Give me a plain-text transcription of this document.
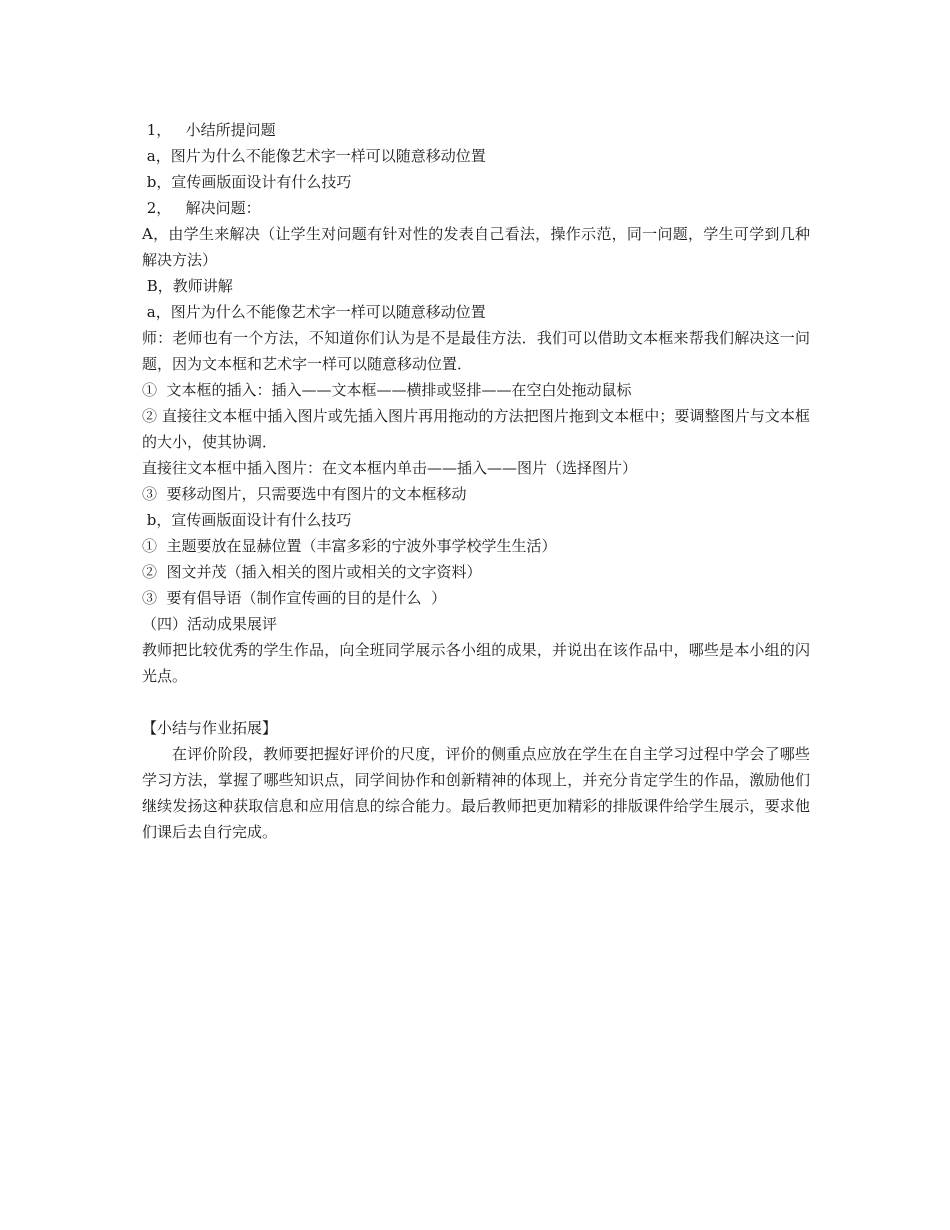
1，   小结所提问题

a，图片为什么不能像艺术字一样可以随意移动位置

b，宣传画版面设计有什么技巧

2，   解决问题：

A，由学生来解决（让学生对问题有针对性的发表自己看法，操作示范，同一问题，学生可学到几种解决方法）

B，教师讲解

a，图片为什么不能像艺术字一样可以随意移动位置

师：老师也有一个方法，不知道你们认为是不是最佳方法．我们可以借助文本框来帮我们解决这一问题，因为文本框和艺术字一样可以随意移动位置．

①  文本框的插入：插入——文本框——横排或竖排——在空白处拖动鼠标

② 直接往文本框中插入图片或先插入图片再用拖动的方法把图片拖到文本框中；要调整图片与文本框的大小，使其协调．

直接往文本框中插入图片：在文本框内单击——插入——图片（选择图片）

③  要移动图片，只需要选中有图片的文本框移动

b，宣传画版面设计有什么技巧

①  主题要放在显赫位置（丰富多彩的宁波外事学校学生生活）

②  图文并茂（插入相关的图片或相关的文字资料）

③  要有倡导语（制作宣传画的目的是什么  ）

（四）活动成果展评

教师把比较优秀的学生作品，向全班同学展示各小组的成果，并说出在该作品中，哪些是本小组的闪光点。

【小结与作业拓展】

在评价阶段，教师要把握好评价的尺度，评价的侧重点应放在学生在自主学习过程中学会了哪些学习方法，掌握了哪些知识点，同学间协作和创新精神的体现上，并充分肯定学生的作品，激励他们继续发扬这种获取信息和应用信息的综合能力。最后教师把更加精彩的排版课件给学生展示，要求他们课后去自行完成。
